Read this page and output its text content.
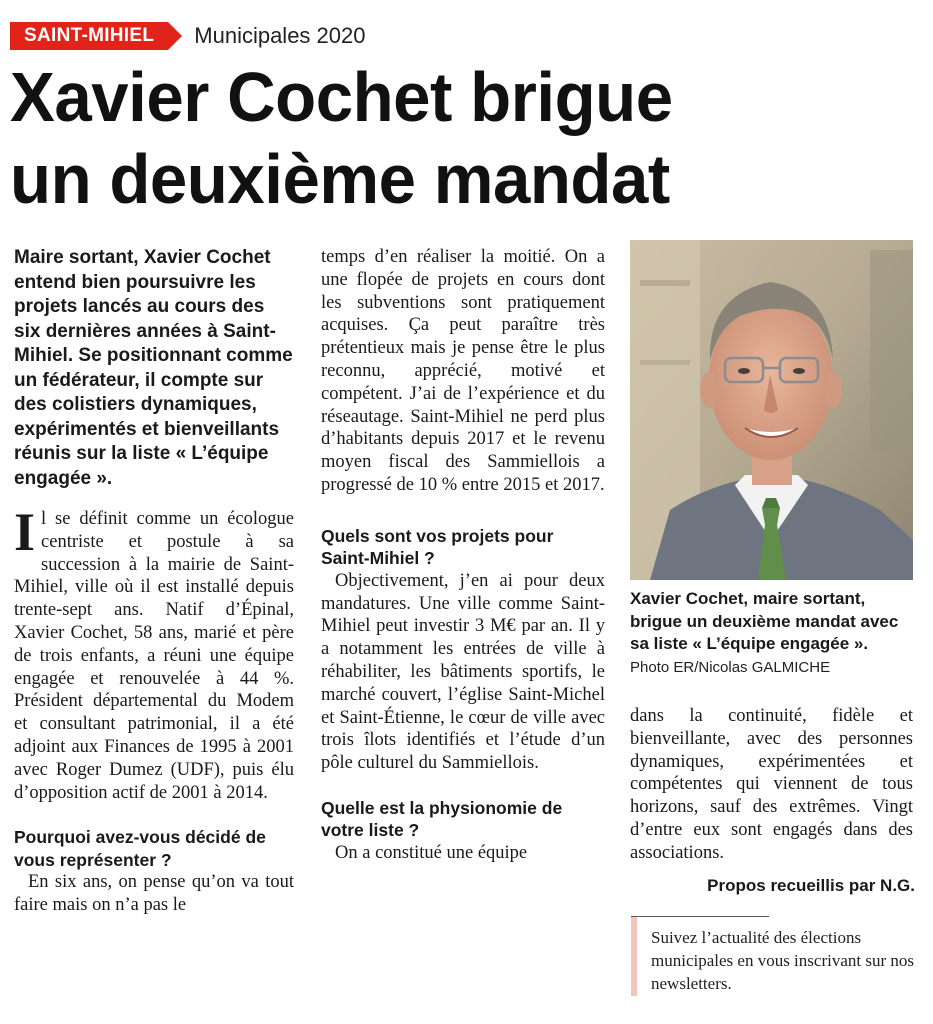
SAINT-MIHIEL	Municipales 2020
Xavier Cochet brigue
un deuxième mandat

Maire sortant, Xavier Cochet entend bien poursuivre les projets lancés au cours des six dernières années à Saint-Mihiel. Se positionnant comme un fédérateur, il compte sur des colistiers dynamiques, expérimentés et bienveillants réunis sur la liste « L’équipe engagée ».

Il se définit comme un écologue centriste et postule à sa succession à la mairie de Saint-Mihiel, ville où il est installé depuis trente-sept ans. Natif d’Épinal, Xavier Cochet, 58 ans, marié et père de trois enfants, a réuni une équipe engagée et renouvelée à 44 %. Président départemental du Modem et consultant patrimonial, il a été adjoint aux Finances de 1995 à 2001 avec Roger Dumez (UDF), puis élu d’opposition actif de 2001 à 2014.

Pourquoi avez-vous décidé de vous représenter ?

En six ans, on pense qu’on va tout faire mais on n’a pas le

temps d’en réaliser la moitié. On a une flopée de projets en cours dont les subventions sont pratiquement acquises. Ça peut paraître très prétentieux mais je pense être le plus reconnu, apprécié, motivé et compétent. J’ai de l’expérience et du réseautage. Saint-Mihiel ne perd plus d’habitants depuis 2017 et le revenu moyen fiscal des Sammiellois a progressé de 10 % entre 2015 et 2017.

Quels sont vos projets pour Saint-Mihiel ?

Objectivement, j’en ai pour deux mandatures. Une ville comme Saint-Mihiel peut investir 3 M€ par an. Il y a notamment les entrées de ville à réhabiliter, les bâtiments sportifs, le marché couvert, l’église Saint-Michel et Saint-Étienne, le cœur de ville avec trois îlots identifiés et l’étude d’un pôle culturel du Sammiellois.

Quelle est la physionomie de votre liste ?

On a constitué une équipe

Xavier Cochet, maire sortant, brigue un deuxième mandat avec sa liste « L’équipe engagée ».

Photo ER/Nicolas GALMICHE

dans la continuité, fidèle et bienveillante, avec des personnes dynamiques, expérimentées et compétentes qui viennent de tous horizons, sauf des extrêmes. Vingt d’entre eux sont engagés dans des associations.

Propos recueillis par N.G.

Suivez l’actualité des élections municipales en vous inscrivant sur nos newsletters.
